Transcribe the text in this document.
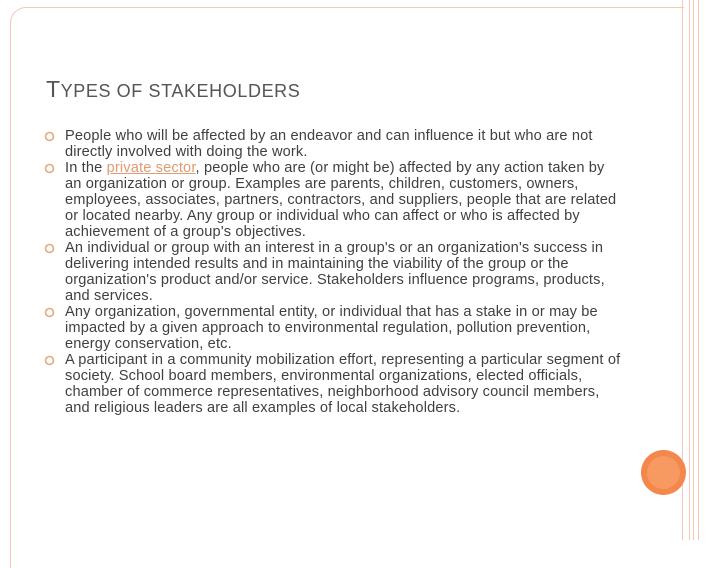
TYPES OF STAKEHOLDERS
People who will be affected by an endeavor and can influence it but who are not directly involved with doing the work.
In the private sector, people who are (or might be) affected by any action taken by an organization or group. Examples are parents, children, customers, owners, employees, associates, partners, contractors, and suppliers, people that are related or located nearby. Any group or individual who can affect or who is affected by achievement of a group's objectives.
An individual or group with an interest in a group's or an organization's success in delivering intended results and in maintaining the viability of the group or the organization's product and/or service. Stakeholders influence programs, products, and services.
Any organization, governmental entity, or individual that has a stake in or may be impacted by a given approach to environmental regulation, pollution prevention, energy conservation, etc.
A participant in a community mobilization effort, representing a particular segment of society. School board members, environmental organizations, elected officials, chamber of commerce representatives, neighborhood advisory council members, and religious leaders are all examples of local stakeholders.
